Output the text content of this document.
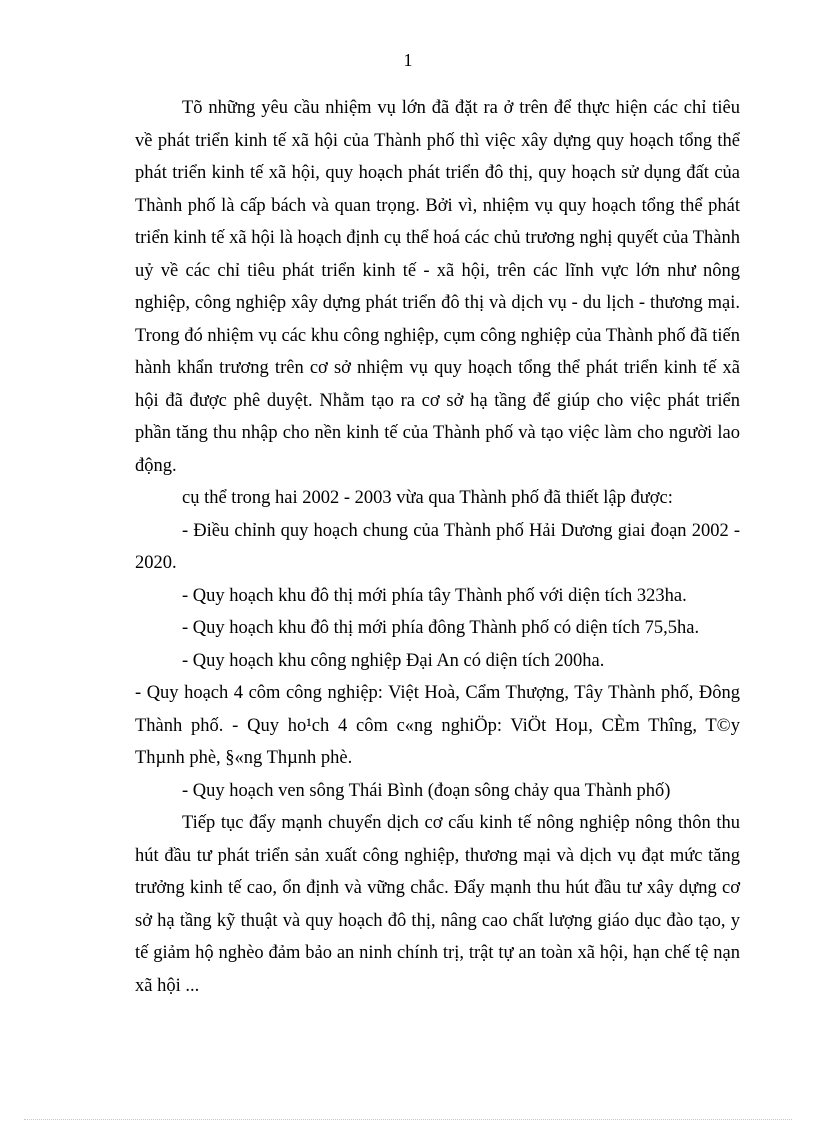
1

Tõ những yêu cầu nhiệm vụ lớn đã đặt ra ở trên để thực hiện các chỉ tiêu về phát triển kinh tế xã hội của Thành phố thì việc xây dựng quy hoạch tổng thể phát triển kinh tế xã hội, quy hoạch phát triển đô thị, quy hoạch sử dụng đất của Thành phố là cấp bách và quan trọng. Bởi vì, nhiệm vụ quy hoạch tổng thể phát triển kinh tế xã hội là hoạch định cụ thể hoá các chủ trương nghị quyết của Thành uỷ về các chỉ tiêu phát triển kinh tế - xã hội, trên các lĩnh vực lớn như nông nghiệp, công nghiệp xây dựng phát triển đô thị và dịch vụ - du lịch - thương mại. Trong đó nhiệm vụ các khu công nghiệp, cụm công nghiệp của Thành phố đã tiến hành khẩn trương trên cơ sở nhiệm vụ quy hoạch tổng thể phát triển kinh tế xã hội đã được phê duyệt. Nhằm tạo ra cơ sở hạ tầng để giúp cho việc phát triển phần tăng thu nhập cho nền kinh tế của Thành phố và tạo việc làm cho người lao động.

cụ thể trong hai 2002 - 2003 vừa qua Thành phố đã thiết lập được:

- Điều chỉnh quy hoạch chung của Thành phố Hải Dương giai đoạn 2002 - 2020.

- Quy hoạch khu đô thị mới phía tây Thành phố với diện tích 323ha.

- Quy hoạch khu đô thị mới phía đông Thành phố có diện tích 75,5ha.

- Quy hoạch khu công nghiệp Đại An có diện tích 200ha.

- Quy hoạch 4 côm công nghiệp: Việt Hoà, Cẩm Thượng, Tây Thành phố, Đông Thành phố. - Quy ho¹ch 4 côm c«ng nghiÖp: ViÖt Hoµ, CÈm Thîng, T©y Thµnh phè, §«ng Thµnh phè.

- Quy hoạch ven sông Thái Bình (đoạn sông chảy qua Thành phố)

Tiếp tục đẩy mạnh chuyển dịch cơ cấu kinh tế nông nghiệp nông thôn thu hút đầu tư phát triển sản xuất công nghiệp, thương mại và dịch vụ đạt mức tăng trưởng kinh tế cao, ổn định và vững chắc. Đẩy mạnh thu hút đầu tư xây dựng cơ sở hạ tầng kỹ thuật và quy hoạch đô thị, nâng cao chất lượng giáo dục đào tạo, y tế giảm hộ nghèo đảm bảo an ninh chính trị, trật tự an toàn xã hội, hạn chế tệ nạn xã hội ...
